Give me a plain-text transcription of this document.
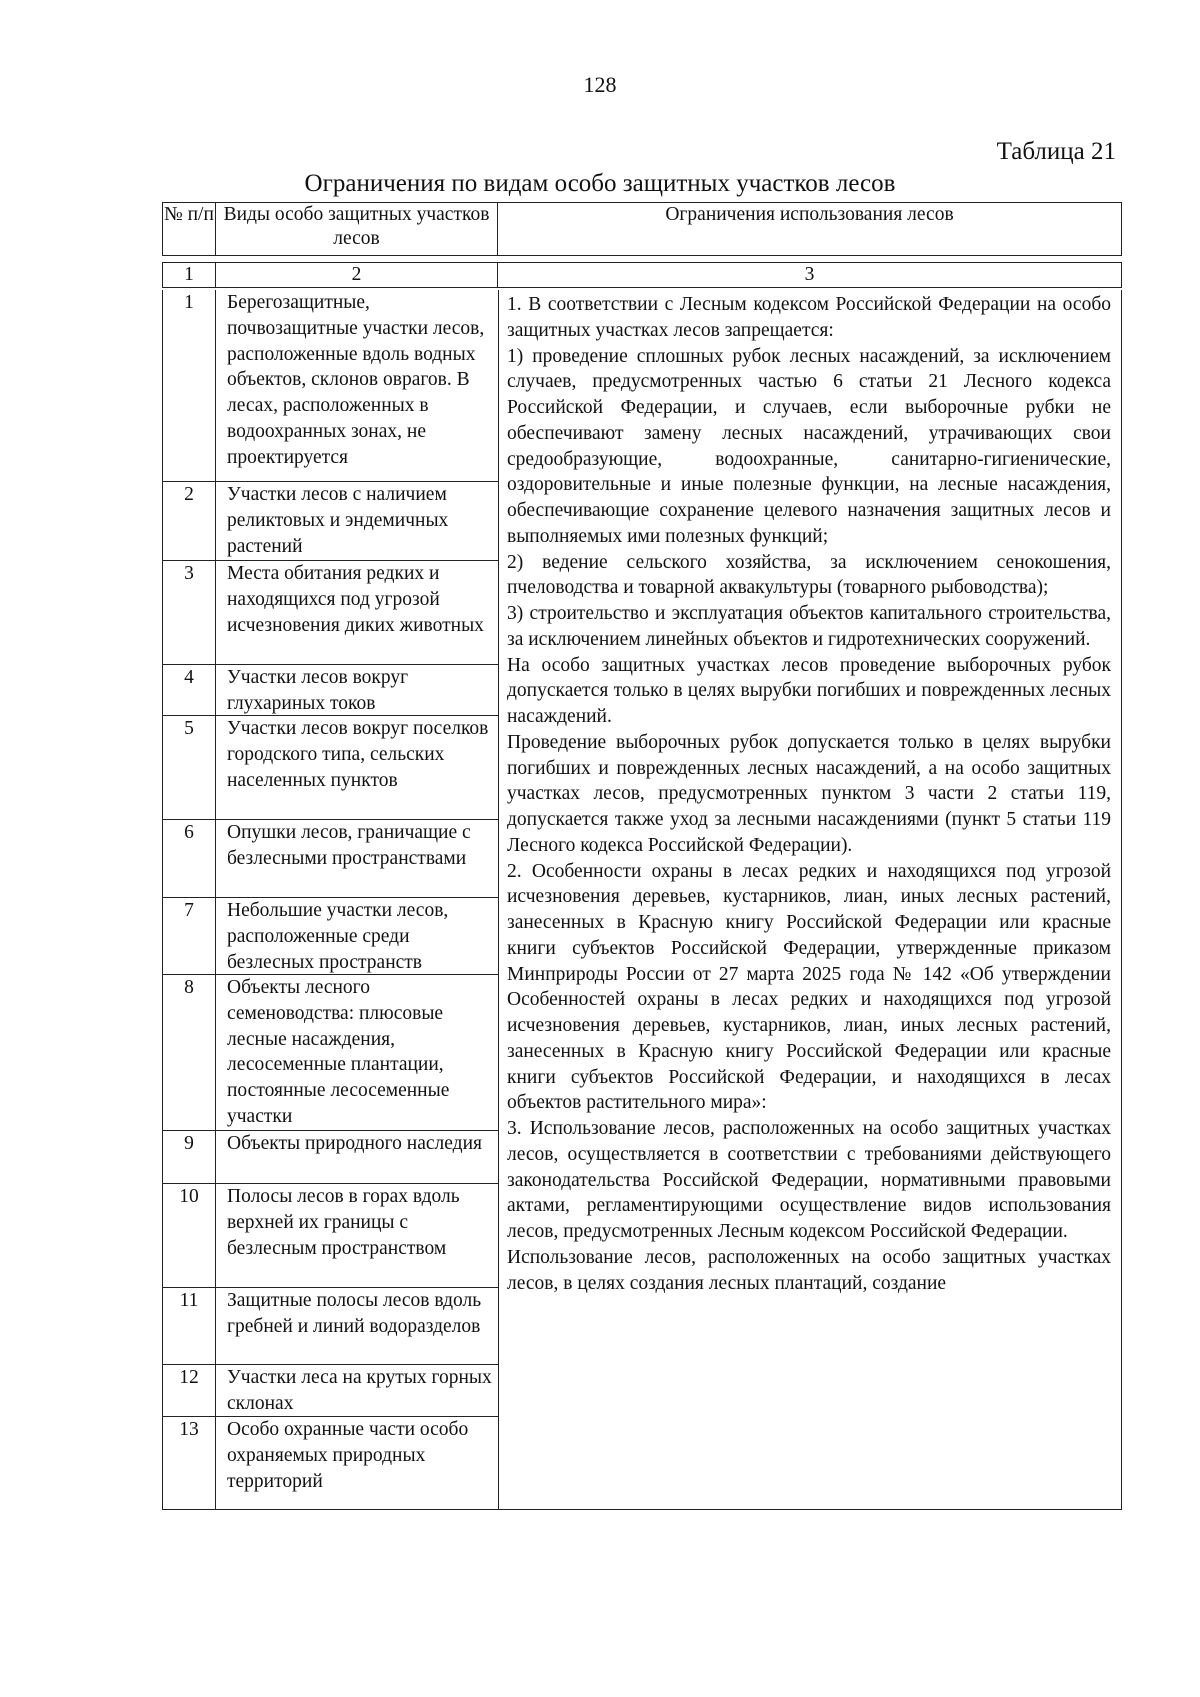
128
Таблица 21
Ограничения по видам особо защитных участков лесов
№ п/п	Виды особо защитных участков лесов	Ограничения использования лесов
1	2	3
1	Берегозащитные, почвозащитные участки лесов, расположенные вдоль водных объектов, склонов оврагов. В лесах, расположенных в водоохранных зонах, не проектируется
2	Участки лесов с наличием реликтовых и эндемичных растений
3	Места обитания редких и находящихся под угрозой исчезновения диких животных
4	Участки лесов вокруг глухариных токов
5	Участки лесов вокруг поселков городского типа, сельских населенных пунктов
6	Опушки лесов, граничащие с безлесными пространствами
7	Небольшие участки лесов, расположенные среди безлесных пространств
8	Объекты лесного семеноводства: плюсовые лесные насаждения, лесосеменные плантации, постоянные лесосеменные участки
9	Объекты природного наследия
10	Полосы лесов в горах вдоль верхней их границы с безлесным пространством
11	Защитные полосы лесов вдоль гребней и линий водоразделов
12	Участки леса на крутых горных склонах
13	Особо охранные части особо охраняемых природных территорий

1. В соответствии с Лесным кодексом Российской Федерации на особо защитных участках лесов запрещается:

1) проведение сплошных рубок лесных насаждений, за исключением случаев, предусмотренных частью 6 статьи 21 Лесного кодекса Российской Федерации, и случаев, если выборочные рубки не обеспечивают замену лесных насаждений, утрачивающих свои средообразующие, водоохранные, санитарно-гигиенические, оздоровительные и иные полезные функции, на лесные насаждения, обеспечивающие сохранение целевого назначения защитных лесов и выполняемых ими полезных функций;

2) ведение сельского хозяйства, за исключением сенокошения, пчеловодства и товарной аквакультуры (товарного рыбоводства);

3) строительство и эксплуатация объектов капитального строительства, за исключением линейных объектов и гидротехнических сооружений.

На особо защитных участках лесов проведение выборочных рубок допускается только в целях вырубки погибших и поврежденных лесных насаждений.

Проведение выборочных рубок допускается только в целях вырубки погибших и поврежденных лесных насаждений, а на особо защитных участках лесов, предусмотренных пунктом 3 части 2 статьи 119, допускается также уход за лесными насаждениями (пункт 5 статьи 119 Лесного кодекса Российской Федерации).

2. Особенности охраны в лесах редких и находящихся под угрозой исчезновения деревьев, кустарников, лиан, иных лесных растений, занесенных в Красную книгу Российской Федерации или красные книги субъектов Российской Федерации, утвержденные приказом Минприроды России от 27 марта 2025 года № 142 «Об утверждении Особенностей охраны в лесах редких и находящихся под угрозой исчезновения деревьев, кустарников, лиан, иных лесных растений, занесенных в Красную книгу Российской Федерации или красные книги субъектов Российской Федерации, и находящихся в лесах объектов растительного мира»:

3. Использование лесов, расположенных на особо защитных участках лесов, осуществляется в соответствии с требованиями действующего законодательства Российской Федерации, нормативными правовыми актами, регламентирующими осуществление видов использования лесов, предусмотренных Лесным кодексом Российской Федерации.

Использование лесов, расположенных на особо защитных участках лесов, в целях создания лесных плантаций, создание
